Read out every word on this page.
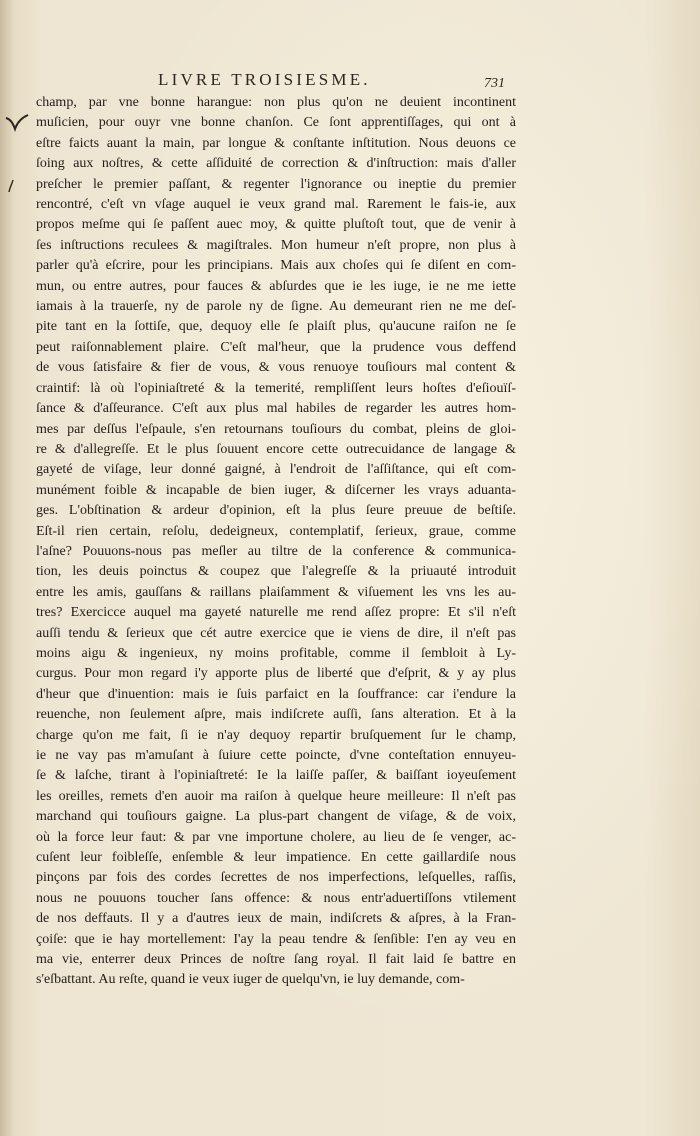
LIVRE TROISIESME.	731
champ, par vne bonne harangue: non plus qu'on ne deuient incontinent
muſicien, pour ouyr vne bonne chanſon. Ce ſont apprentiſſages, qui ont à
eſtre faicts auant la main, par longue & conſtante inſtitution. Nous deuons ce
ſoing aux noſtres, & cette aſſiduité de correction & d'inſtruction: mais d'aller
preſcher le premier paſſant, & regenter l'ignorance ou ineptie du premier
rencontré, c'eſt vn vſage auquel ie veux grand mal. Rarement le fais-ie, aux
propos meſme qui ſe paſſent auec moy, & quitte pluſtoſt tout, que de venir à
ſes inſtructions reculees & magiſtrales. Mon humeur n'eſt propre, non plus à
parler qu'à eſcrire, pour les principians. Mais aux choſes qui ſe diſent en com-
mun, ou entre autres, pour fauces & abſurdes que ie les iuge, ie ne me iette
iamais à la trauerſe, ny de parole ny de ſigne. Au demeurant rien ne me deſ-
pite tant en la ſottiſe, que, dequoy elle ſe plaiſt plus, qu'aucune raiſon ne ſe
peut raiſonnablement plaire. C'eſt mal'heur, que la prudence vous deffend
de vous ſatisfaire & fier de vous, & vous renuoye touſiours mal content &
craintif: là où l'opiniaſtreté & la temerité, rempliſſent leurs hoſtes d'eſiouïſ-
ſance & d'aſſeurance. C'eſt aux plus mal habiles de regarder les autres hom-
mes par deſſus l'eſpaule, s'en retournans touſiours du combat, pleins de gloi-
re & d'allegreſſe. Et le plus ſouuent encore cette outrecuidance de langage &
gayeté de viſage, leur donné gaigné, à l'endroit de l'aſſiſtance, qui eſt com-
munément foible & incapable de bien iuger, & diſcerner les vrays aduanta-
ges. L'obſtination & ardeur d'opinion, eſt la plus ſeure preuue de beſtiſe.
Eſt-il rien certain, reſolu, dedeigneux, contemplatif, ſerieux, graue, comme
l'aſne? Pouuons-nous pas meſler au tiltre de la conference & communica-
tion, les deuis poinctus & coupez que l'alegreſſe & la priuauté introduit
entre les amis, gauſſans & raillans plaiſamment & viſuement les vns les au-
tres? Exercicce auquel ma gayeté naturelle me rend aſſez propre: Et s'il n'eſt
auſſi tendu & ſerieux que cét autre exercice que ie viens de dire, il n'eſt pas
moins aigu & ingenieux, ny moins profitable, comme il ſembloit à Ly-
curgus. Pour mon regard i'y apporte plus de liberté que d'eſprit, & y ay plus
d'heur que d'inuention: mais ie ſuis parfaict en la ſouffrance: car i'endure la
reuenche, non ſeulement aſpre, mais indiſcrete auſſi, ſans alteration. Et à la
charge qu'on me fait, ſi ie n'ay dequoy repartir bruſquement ſur le champ,
ie ne vay pas m'amuſant à ſuiure cette poincte, d'vne conteſtation ennuyeu-
ſe & laſche, tirant à l'opiniaſtreté: Ie la laiſſe paſſer, & baiſſant ioyeuſement
les oreilles, remets d'en auoir ma raiſon à quelque heure meilleure: Il n'eſt pas
marchand qui touſiours gaigne. La plus-part changent de viſage, & de voix,
où la force leur faut: & par vne importune cholere, au lieu de ſe venger, ac-
cuſent leur foibleſſe, enſemble & leur impatience. En cette gaillardiſe nous
pinçons par fois des cordes ſecrettes de nos imperfections, leſquelles, raſſis,
nous ne pouuons toucher ſans offence: & nous entr'aduertiſſons vtilement
de nos deffauts. Il y a d'autres ieux de main, indiſcrets & aſpres, à la Fran-
çoiſe: que ie hay mortellement: I'ay la peau tendre & ſenſible: I'en ay veu en
ma vie, enterrer deux Princes de noſtre ſang royal. Il fait laid ſe battre en
s'eſbattant. Au reſte, quand ie veux iuger de quelqu'vn, ie luy demande, com-
